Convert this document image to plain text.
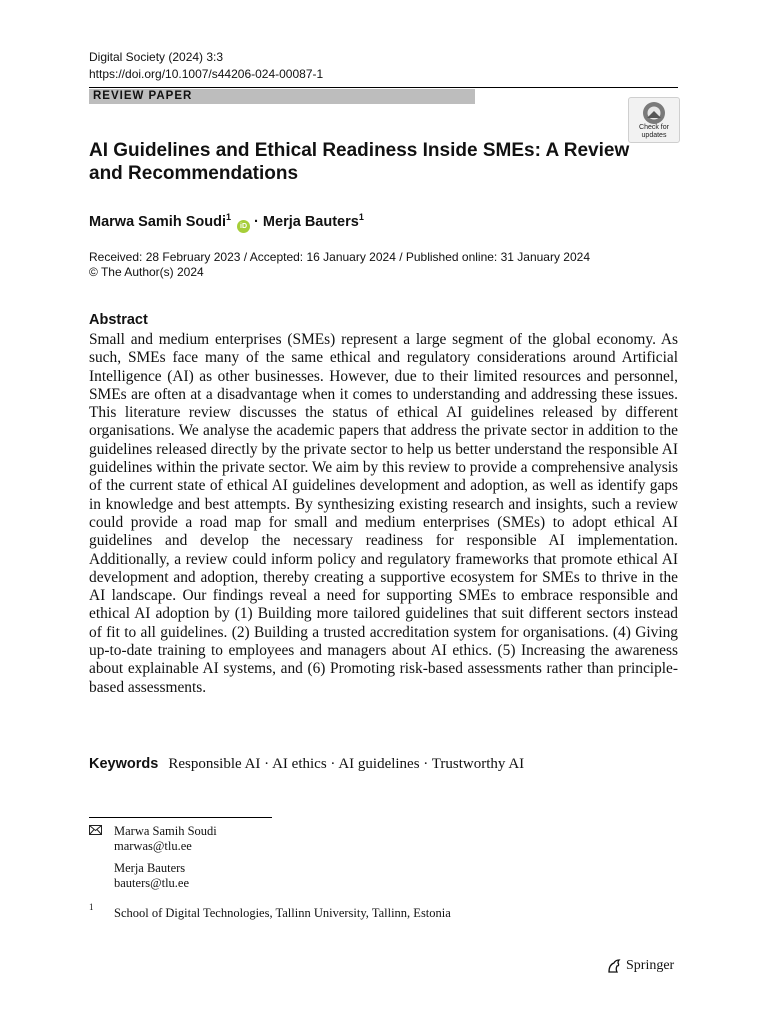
Digital Society (2024) 3:3
https://doi.org/10.1007/s44206-024-00087-1
REVIEW PAPER
Check for
updates
AI Guidelines and Ethical Readiness Inside SMEs: A Review and Recommendations
Marwa Samih Soudi$^1$ iD · Merja Bauters$^1$
Received: 28 February 2023 / Accepted: 16 January 2024 / Published online: 31 January 2024
© The Author(s) 2024
Abstract
Small and medium enterprises (SMEs) represent a large segment of the global economy. As such, SMEs face many of the same ethical and regulatory considerations around Artificial Intelligence (AI) as other businesses. However, due to their limited resources and personnel, SMEs are often at a disadvantage when it comes to understanding and addressing these issues. This literature review discusses the status of ethical AI guidelines released by different organisations. We analyse the academic papers that address the private sector in addition to the guidelines released directly by the private sector to help us better understand the responsible AI guidelines within the private sector. We aim by this review to provide a comprehensive analysis of the current state of ethical AI guidelines development and adoption, as well as identify gaps in knowledge and best attempts. By synthesizing existing research and insights, such a review could provide a road map for small and medium enterprises (SMEs) to adopt ethical AI guidelines and develop the necessary readiness for responsible AI implementation. Additionally, a review could inform policy and regulatory frameworks that promote ethical AI development and adoption, thereby creating a supportive ecosystem for SMEs to thrive in the AI landscape. Our findings reveal a need for supporting SMEs to embrace responsible and ethical AI adoption by (1) Building more tailored guidelines that suit different sectors instead of fit to all guidelines. (2) Building a trusted accreditation system for organisations. (4) Giving up-to-date training to employees and managers about AI ethics. (5) Increasing the awareness about explainable AI systems, and (6) Promoting risk-based assessments rather than principle-based assessments.
Keywords Responsible AI · AI ethics · AI guidelines · Trustworthy AI
Marwa Samih Soudi
marwas@tlu.ee
Merja Bauters
bauters@tlu.ee
1 School of Digital Technologies, Tallinn University, Tallinn, Estonia
Springer
